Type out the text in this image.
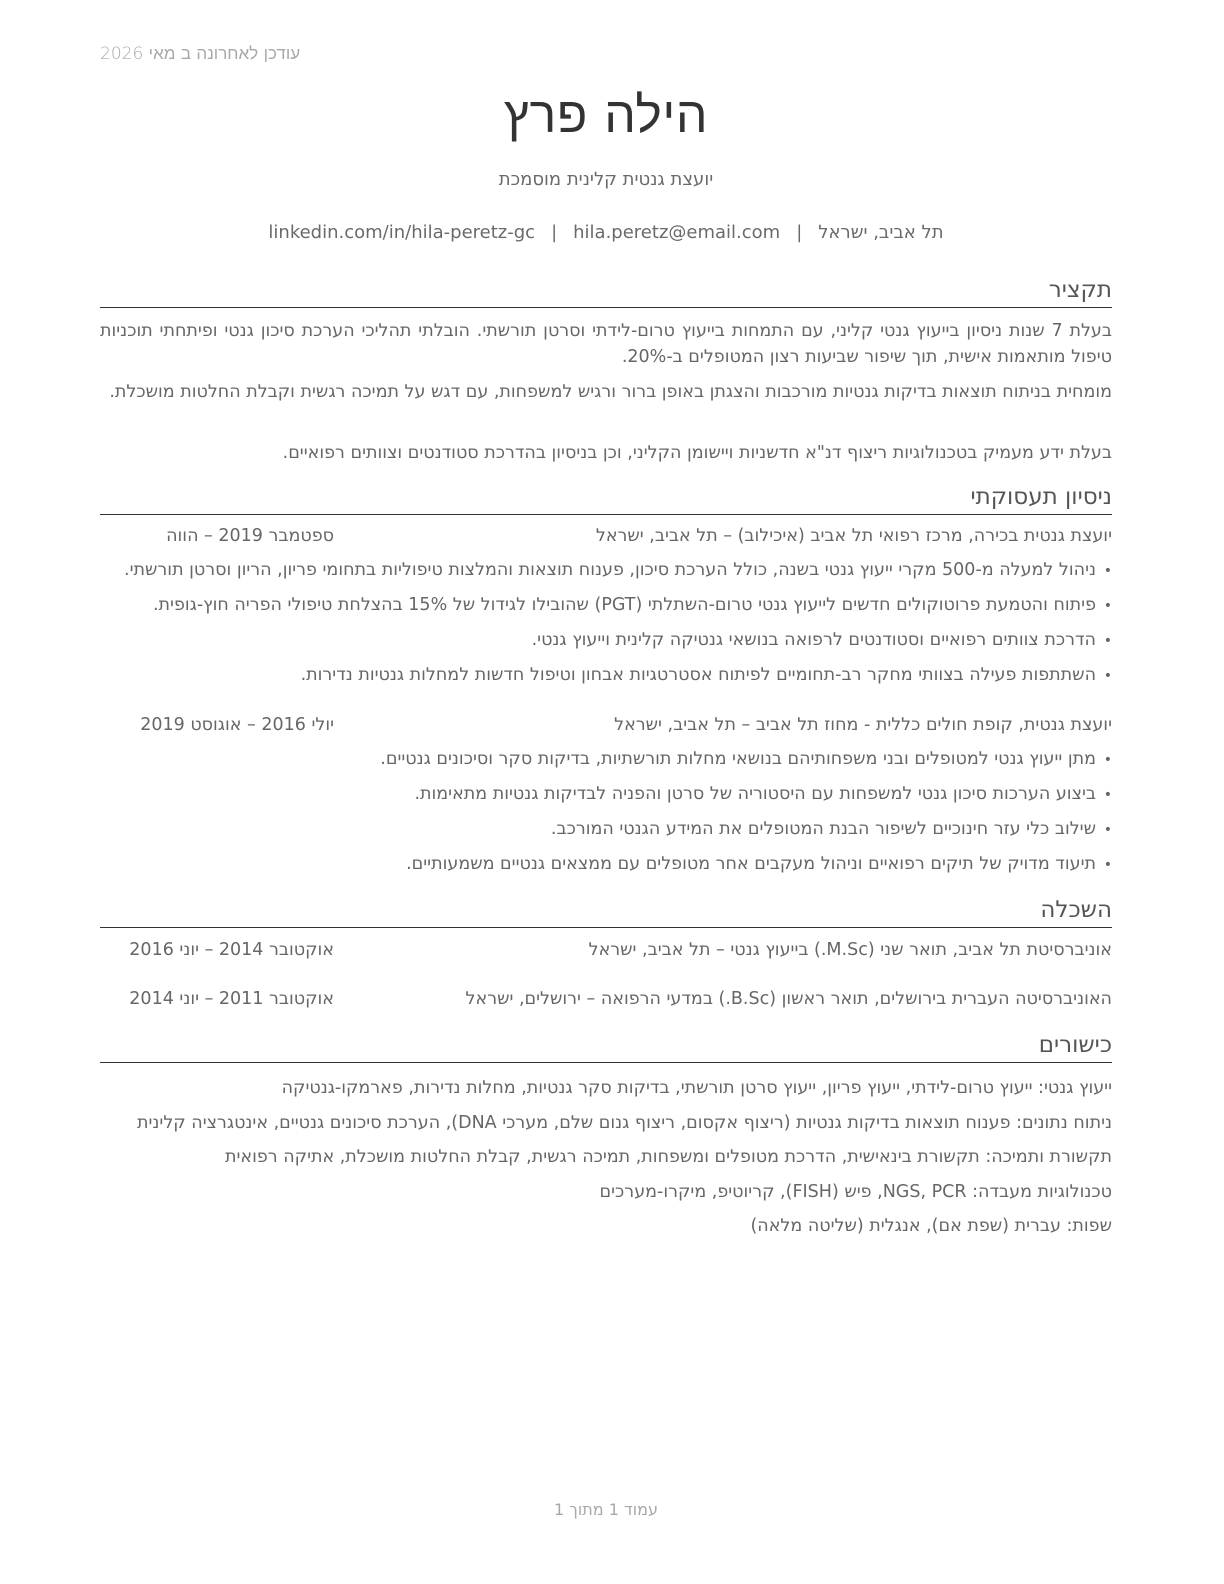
עודכן לאחרונה ב מאי 2026
הילה פרץ
יועצת גנטית קלינית מוסמכת
תל אביב, ישראל|hila.peretz@email.com|linkedin.com/in/hila-peretz-gc
תקציר
בעלת 7 שנות ניסיון בייעוץ גנטי קליני, עם התמחות בייעוץ טרום-לידתי וסרטן תורשתי. הובלתי תהליכי הערכת סיכון גנטי ופיתחתי תוכניות טיפול מותאמות אישית, תוך שיפור שביעות רצון המטופלים ב-20%.
מומחית בניתוח תוצאות בדיקות גנטיות מורכבות והצגתן באופן ברור ורגיש למשפחות, עם דגש על תמיכה רגשית וקבלת החלטות מושכלת.
בעלת ידע מעמיק בטכנולוגיות ריצוף דנ"א חדשניות ויישומן הקליני, וכן בניסיון בהדרכת סטודנטים וצוותים רפואיים.
ניסיון תעסוקתי
יועצת גנטית בכירה, מרכז רפואי תל אביב (איכילוב) – תל אביב, ישראל
ספטמבר 2019 – הווה
•ניהול למעלה מ-500 מקרי ייעוץ גנטי בשנה, כולל הערכת סיכון, פענוח תוצאות והמלצות טיפוליות בתחומי פריון, הריון וסרטן תורשתי.
•פיתוח והטמעת פרוטוקולים חדשים לייעוץ גנטי טרום-השתלתי (PGT) שהובילו לגידול של 15% בהצלחת טיפולי הפריה חוץ-גופית.
•הדרכת צוותים רפואיים וסטודנטים לרפואה בנושאי גנטיקה קלינית וייעוץ גנטי.
•השתתפות פעילה בצוותי מחקר רב-תחומיים לפיתוח אסטרטגיות אבחון וטיפול חדשות למחלות גנטיות נדירות.
יועצת גנטית, קופת חולים כללית - מחוז תל אביב – תל אביב, ישראל
יולי 2016 – אוגוסט 2019
•מתן ייעוץ גנטי למטופלים ובני משפחותיהם בנושאי מחלות תורשתיות, בדיקות סקר וסיכונים גנטיים.
•ביצוע הערכות סיכון גנטי למשפחות עם היסטוריה של סרטן והפניה לבדיקות גנטיות מתאימות.
•שילוב כלי עזר חינוכיים לשיפור הבנת המטופלים את המידע הגנטי המורכב.
•תיעוד מדויק של תיקים רפואיים וניהול מעקבים אחר מטופלים עם ממצאים גנטיים משמעותיים.
השכלה
אוניברסיטת תל אביב, תואר שני (M.Sc.) בייעוץ גנטי – תל אביב, ישראל
אוקטובר 2014 – יוני 2016
האוניברסיטה העברית בירושלים, תואר ראשון (B.Sc.) במדעי הרפואה – ירושלים, ישראל
אוקטובר 2011 – יוני 2014
כישורים
ייעוץ גנטי: ייעוץ טרום-לידתי, ייעוץ פריון, ייעוץ סרטן תורשתי, בדיקות סקר גנטיות, מחלות נדירות, פארמקו-גנטיקה
ניתוח נתונים: פענוח תוצאות בדיקות גנטיות (ריצוף אקסום, ריצוף גנום שלם, מערכי DNA), הערכת סיכונים גנטיים, אינטגרציה קלינית
תקשורת ותמיכה: תקשורת בינאישית, הדרכת מטופלים ומשפחות, תמיכה רגשית, קבלת החלטות מושכלת, אתיקה רפואית
טכנולוגיות מעבדה: NGS, PCR, פיש (FISH), קריוטיפ, מיקרו-מערכים
שפות: עברית (שפת אם), אנגלית (שליטה מלאה)
עמוד 1 מתוך 1
